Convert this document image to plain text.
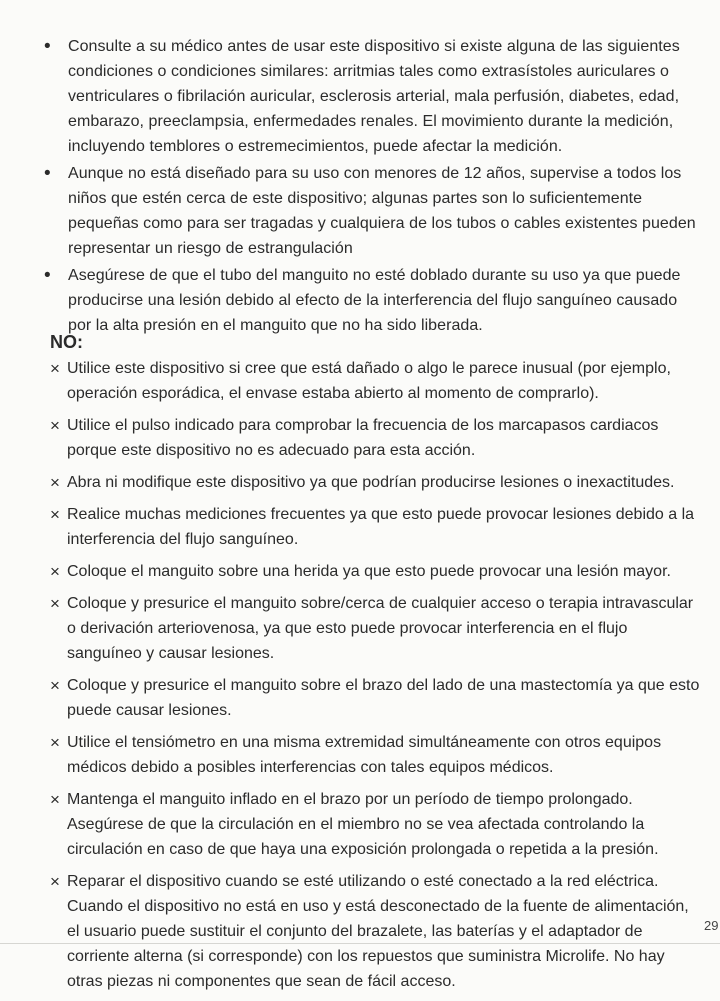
•	Consulte a su médico antes de usar este dispositivo si existe alguna de las siguientes condiciones o condiciones similares: arritmias tales como extrasístoles auriculares o ventriculares o fibrilación auricular, esclerosis arterial, mala perfusión, diabetes, edad, embarazo, preeclampsia, enfermedades renales. El movimiento durante la medición, incluyendo temblores o estremecimientos, puede afectar la medición.
•	Aunque no está diseñado para su uso con menores de 12 años, supervise a todos los niños que estén cerca de este dispositivo; algunas partes son lo suficientemente pequeñas como para ser tragadas y cualquiera de los tubos o cables existentes pueden representar un riesgo de estrangulación
•	Asegúrese de que el tubo del manguito no esté doblado durante su uso ya que puede producirse una lesión debido al efecto de la interferencia del flujo sanguíneo causado por la alta presión en el manguito que no ha sido liberada.
NO:
× Utilice este dispositivo si cree que está dañado o algo le parece inusual (por ejemplo, operación esporádica, el envase estaba abierto al momento de comprarlo).
× Utilice el pulso indicado para comprobar la frecuencia de los marcapasos cardiacos porque este dispositivo no es adecuado para esta acción.
× Abra ni modifique este dispositivo ya que podrían producirse lesiones o inexactitudes.
× Realice muchas mediciones frecuentes ya que esto puede provocar lesiones debido a la interferencia del flujo sanguíneo.
× Coloque el manguito sobre una herida ya que esto puede provocar una lesión mayor.
× Coloque y presurice el manguito sobre/cerca de cualquier acceso o terapia intravascular o derivación arteriovenosa, ya que esto puede provocar interferencia en el flujo sanguíneo y causar lesiones.
× Coloque y presurice el manguito sobre el brazo del lado de una mastectomía ya que esto puede causar lesiones.
× Utilice el tensiómetro en una misma extremidad simultáneamente con otros equipos médicos debido a posibles interferencias con tales equipos médicos.
× Mantenga el manguito inflado en el brazo por un período de tiempo prolongado. Asegúrese de que la circulación en el miembro no se vea afectada controlando la circulación en caso de que haya una exposición prolongada o repetida a la presión.
× Reparar el dispositivo cuando se esté utilizando o esté conectado a la red eléctrica. Cuando el dispositivo no está en uso y está desconectado de la fuente de alimentación, el usuario puede sustituir el conjunto del brazalete, las baterías y el adaptador de corriente alterna (si corresponde) con los repuestos que suministra Microlife. No hay otras piezas ni componentes que sean de fácil acceso.
29
